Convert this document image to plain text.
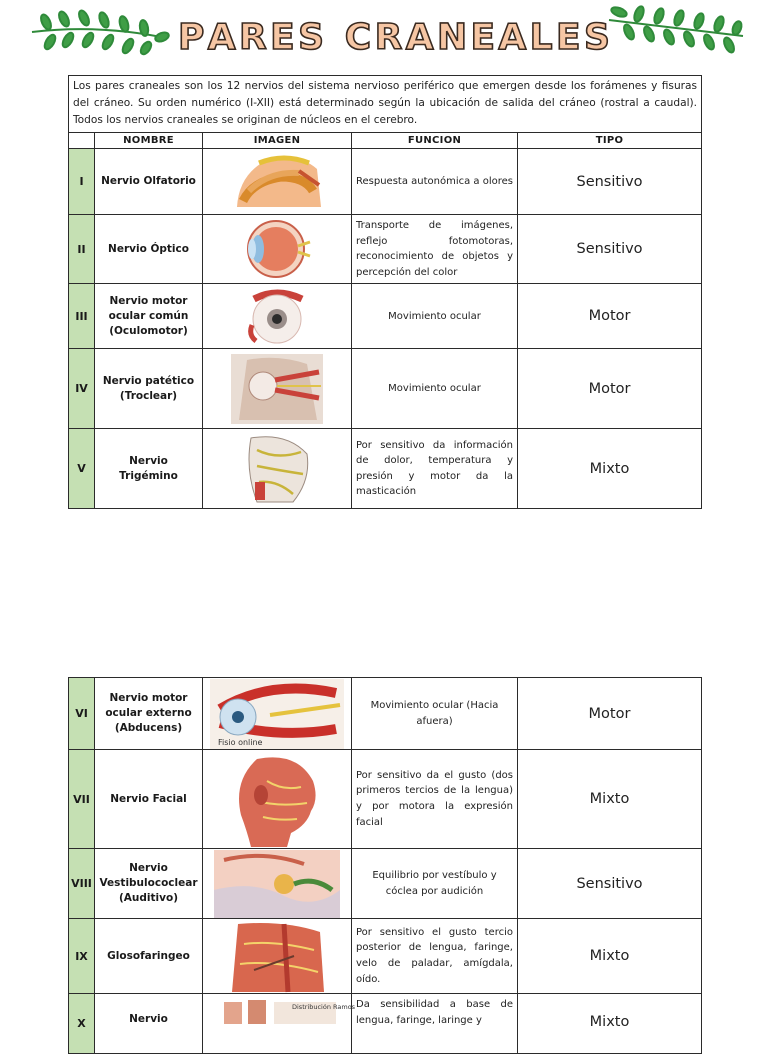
P A R E S C R A N E A L E S
Los pares craneales son los 12 nervios del sistema nervioso periférico que emergen desde los forámenes y fisuras del cráneo. Su orden numérico (I-XII) está determinado según la ubicación de salida del cráneo (rostral a caudal). Todos los nervios craneales se originan de núcleos en el cerebro.				
	NOMBRE	IMAGEN	FUNCION	TIPO
I	Nervio Olfatorio		Respuesta autonómica a olores	Sensitivo
II	Nervio Óptico		Transporte de imágenes, reflejo fotomotoras, reconocimiento de objetos y percepción del color	Sensitivo
III	Nervio motor ocular común (Oculomotor)		Movimiento ocular	Motor
IV	Nervio patético (Troclear)		Movimiento ocular	Motor
V	Nervio Trigémino		Por sensitivo da información de dolor, temperatura y presión y motor da la masticación	Mixto
VI	Nervio motor ocular externo (Abducens)	Fisio online	Movimiento ocular (Hacia afuera)	Motor
VII	Nervio Facial		Por sensitivo da el gusto (dos primeros tercios de la lengua) y por motora la expresión facial	Mixto
VIII	Nervio Vestibulococlear (Auditivo)		Equilibrio por vestíbulo y cóclea por audición	Sensitivo
IX	Glosofaringeo		Por sensitivo el gusto tercio posterior de lengua, faringe, velo de paladar, amígdala, oído.	Mixto
X	Nervio	Distribución Ramos	Da sensibilidad a base de lengua, faringe, laringe y	Mixto
